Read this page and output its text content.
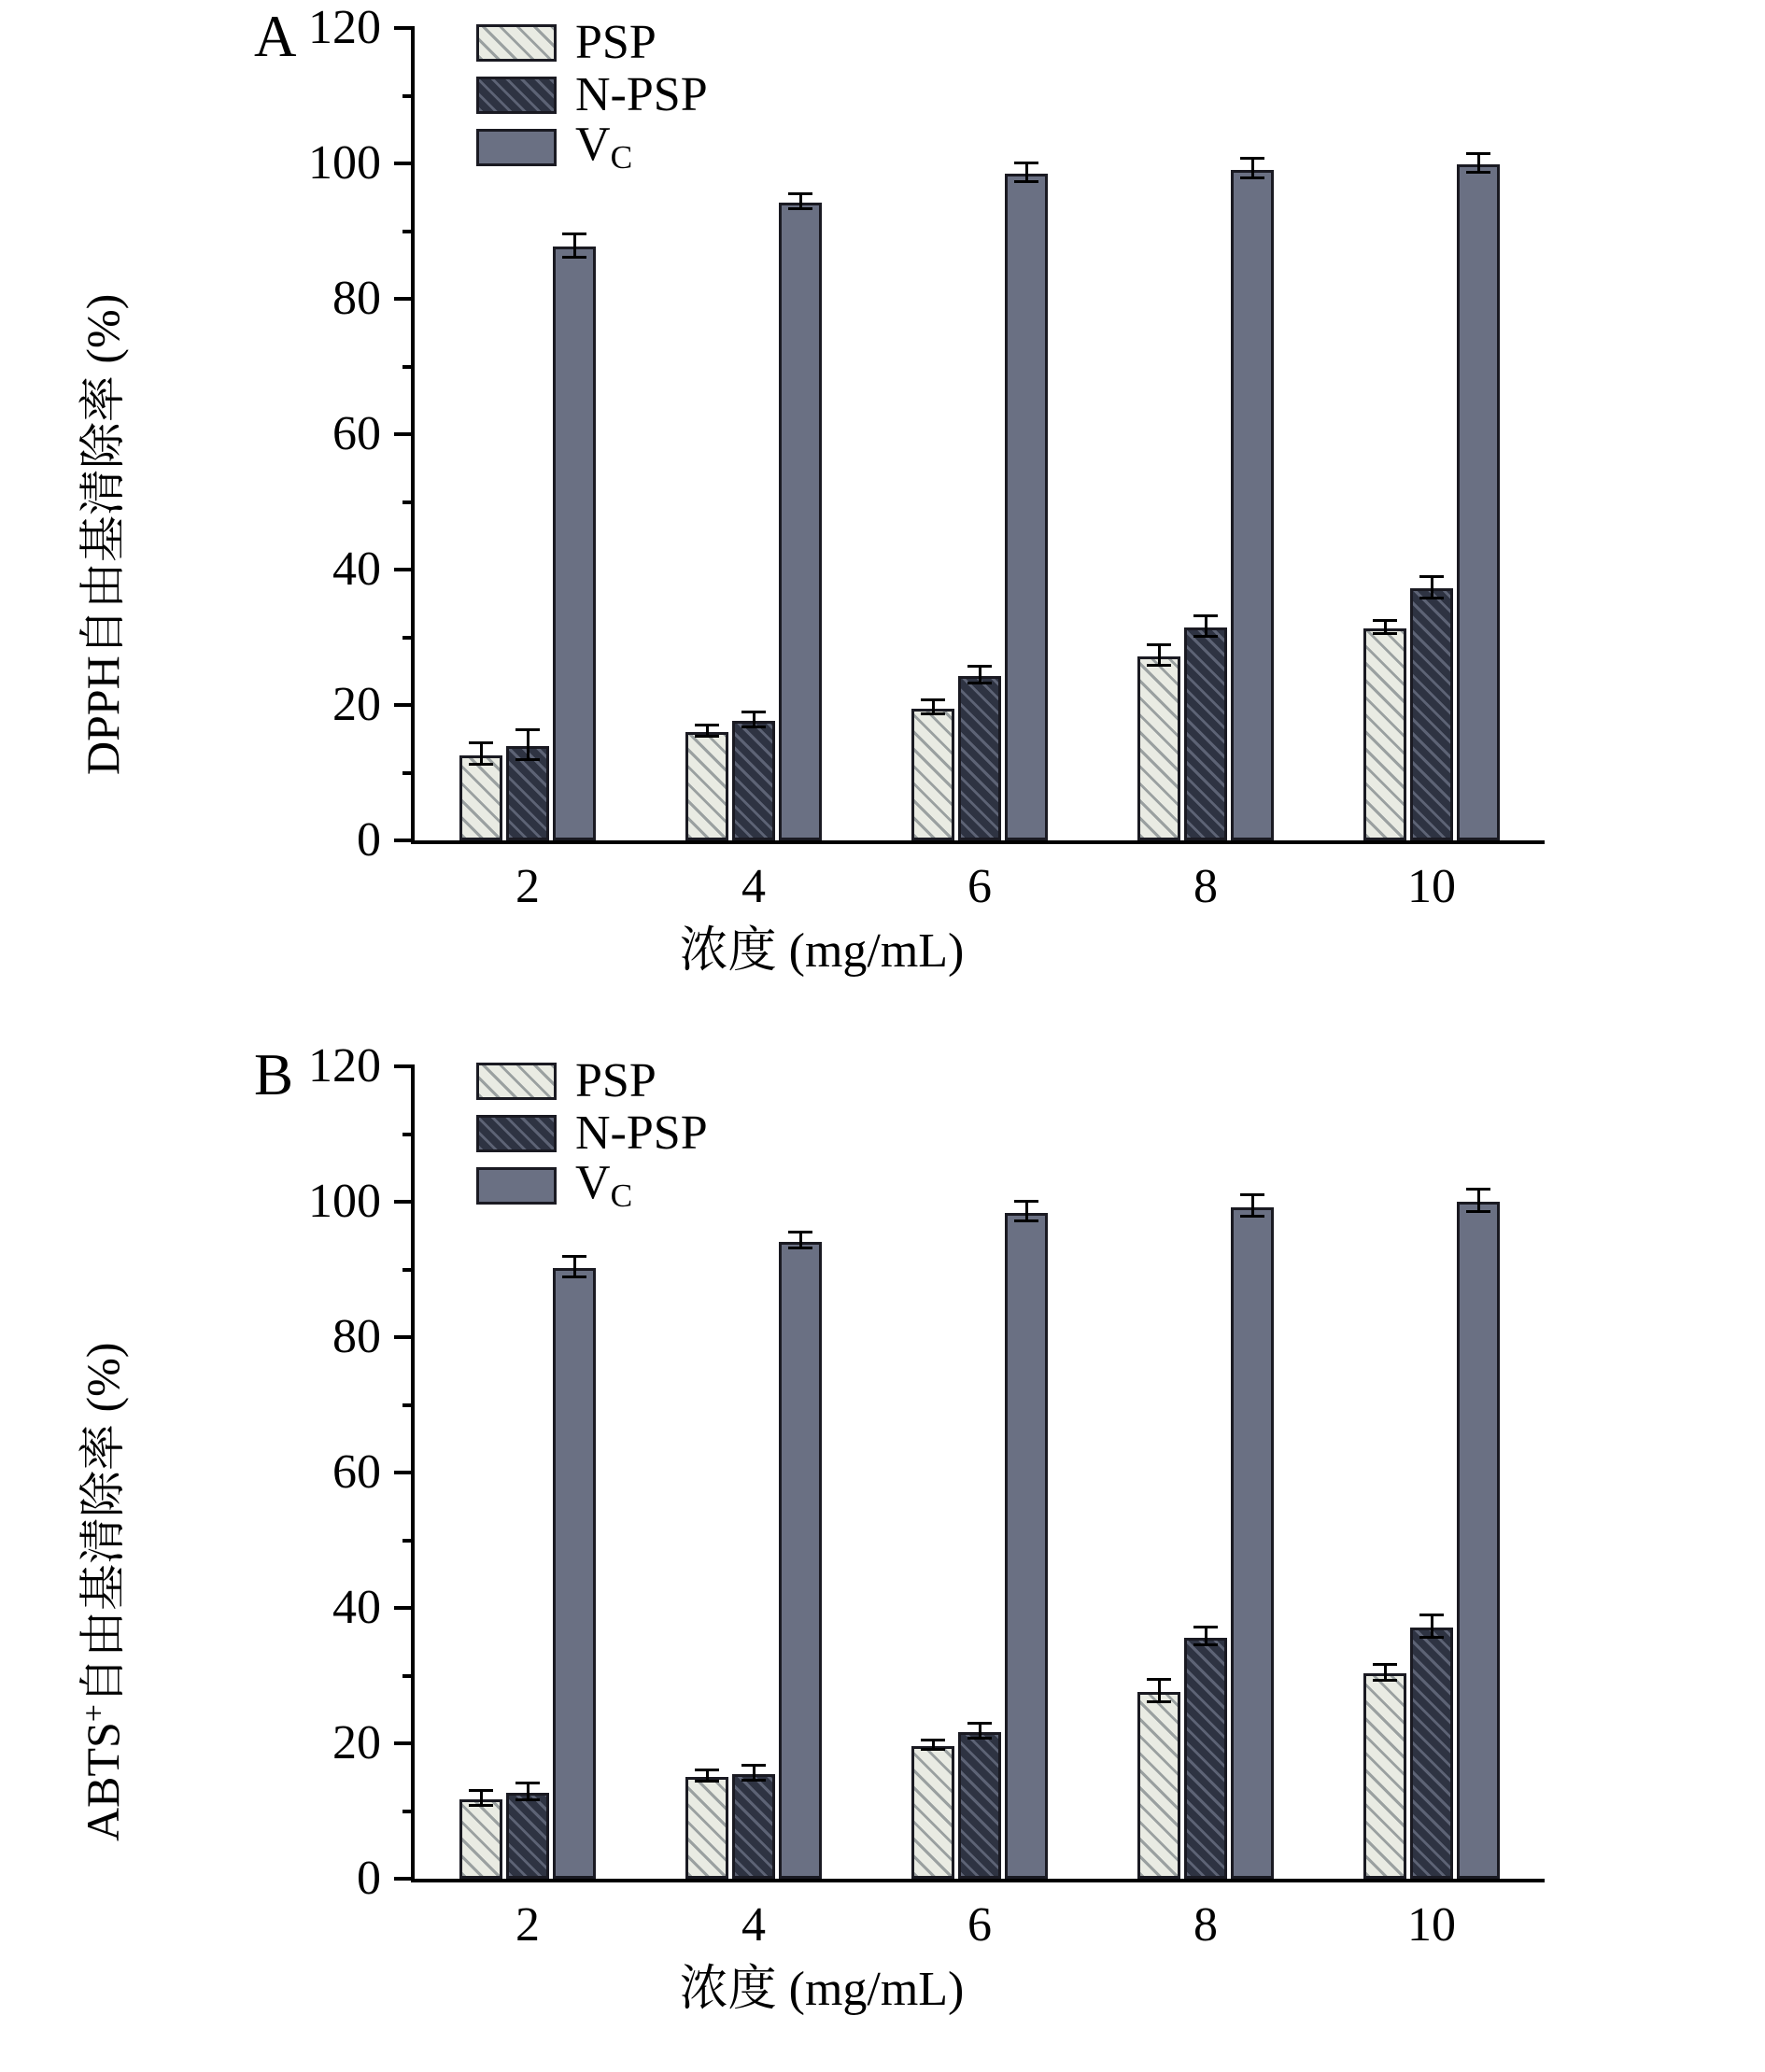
A
DPPH自由基清除率 (%)
浓度 (mg/mL)
0
20
40
60
80
100
120
2	4	6	8	10
PSP
N-PSP
$V_C$
B
ABTS+自由基清除率 (%)
浓度 (mg/mL)
0
20
40
60
80
100
120
2	4	6	8	10
PSP
N-PSP
$V_C$
